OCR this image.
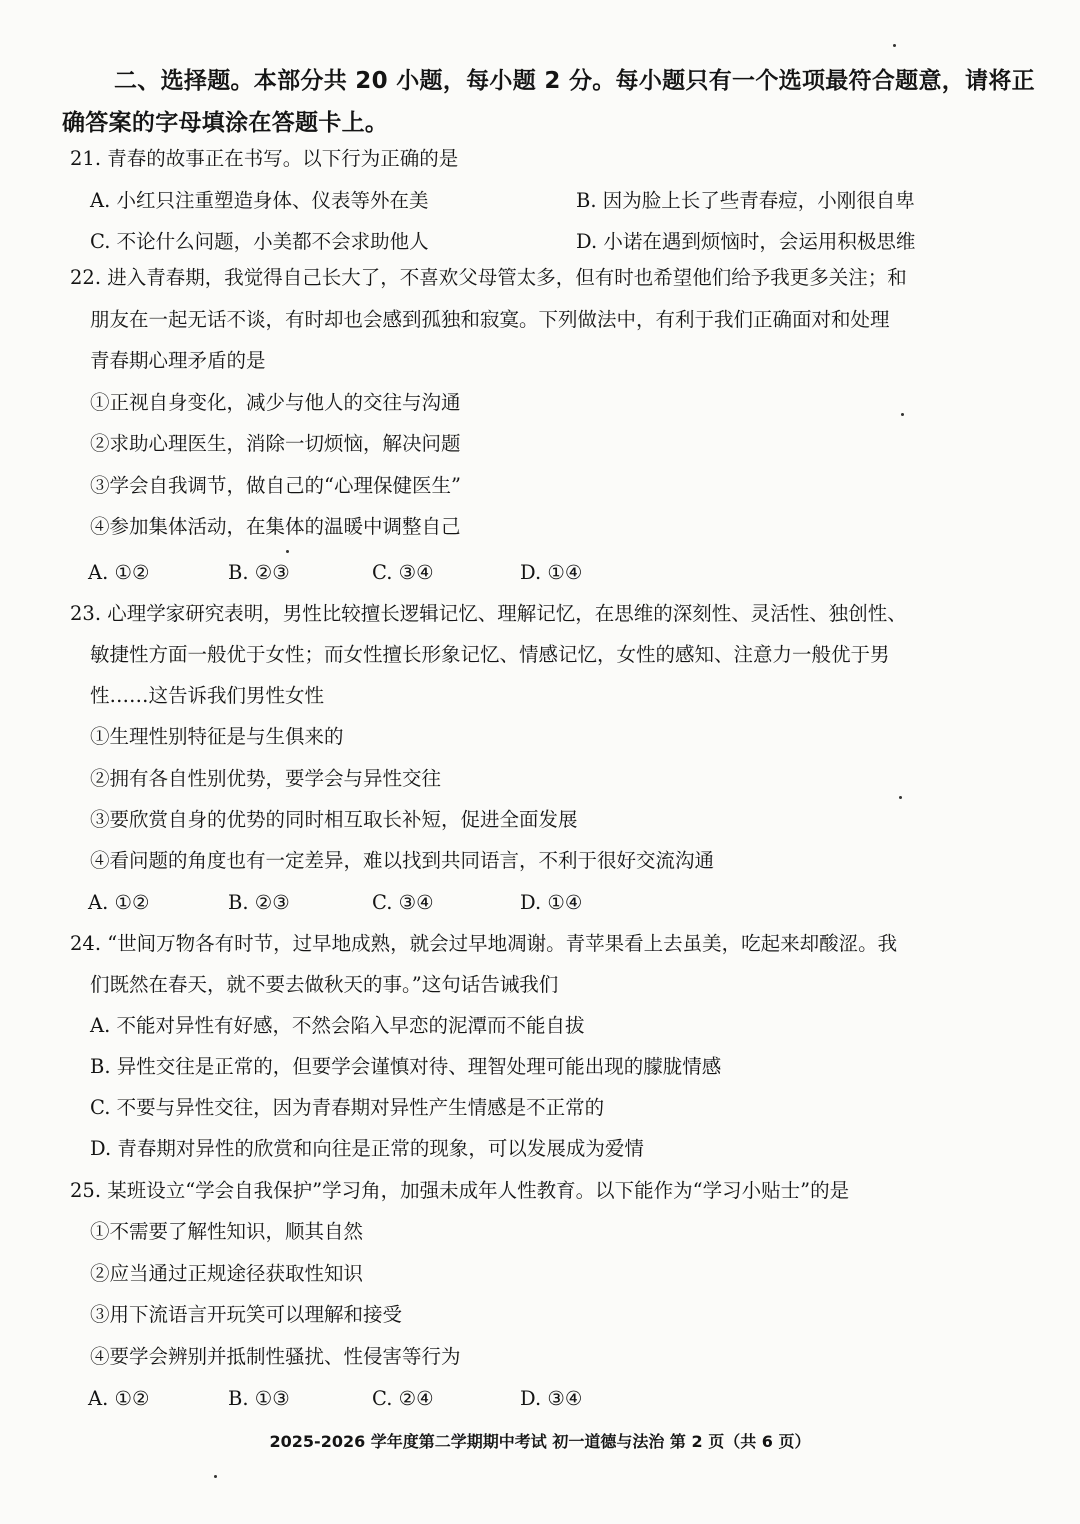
二、选择题。本部分共 20 小题，每小题 2 分。每小题只有一个选项最符合题意，请将正确答案的字母填涂在答题卡上。
21. 青春的故事正在书写。以下行为正确的是
A. 小红只注重塑造身体、仪表等外在美	B. 因为脸上长了些青春痘，小刚很自卑
C. 不论什么问题，小美都不会求助他人	D. 小诺在遇到烦恼时，会运用积极思维
22. 进入青春期，我觉得自己长大了，不喜欢父母管太多，但有时也希望他们给予我更多关注；和
朋友在一起无话不谈，有时却也会感到孤独和寂寞。下列做法中，有利于我们正确面对和处理
青春期心理矛盾的是
①正视自身变化，减少与他人的交往与沟通
②求助心理医生，消除一切烦恼，解决问题
③学会自我调节，做自己的“心理保健医生”
④参加集体活动，在集体的温暖中调整自己
A. ①②	B. ②③	C. ③④	D. ①④
23. 心理学家研究表明，男性比较擅长逻辑记忆、理解记忆，在思维的深刻性、灵活性、独创性、
敏捷性方面一般优于女性；而女性擅长形象记忆、情感记忆，女性的感知、注意力一般优于男
性……这告诉我们男性女性
①生理性别特征是与生俱来的
②拥有各自性别优势，要学会与异性交往
③要欣赏自身的优势的同时相互取长补短，促进全面发展
④看问题的角度也有一定差异，难以找到共同语言，不利于很好交流沟通
A. ①②	B. ②③	C. ③④	D. ①④
24. “世间万物各有时节，过早地成熟，就会过早地凋谢。青苹果看上去虽美，吃起来却酸涩。我
们既然在春天，就不要去做秋天的事。”这句话告诫我们
A. 不能对异性有好感，不然会陷入早恋的泥潭而不能自拔
B. 异性交往是正常的，但要学会谨慎对待、理智处理可能出现的朦胧情感
C. 不要与异性交往，因为青春期对异性产生情感是不正常的
D. 青春期对异性的欣赏和向往是正常的现象，可以发展成为爱情
25. 某班设立“学会自我保护”学习角，加强未成年人性教育。以下能作为“学习小贴士”的是
①不需要了解性知识，顺其自然
②应当通过正规途径获取性知识
③用下流语言开玩笑可以理解和接受
④要学会辨别并抵制性骚扰、性侵害等行为
A. ①②	B. ①③	C. ②④	D. ③④
2025-2026 学年度第二学期期中考试 初一道德与法治 第 2 页（共 6 页）
